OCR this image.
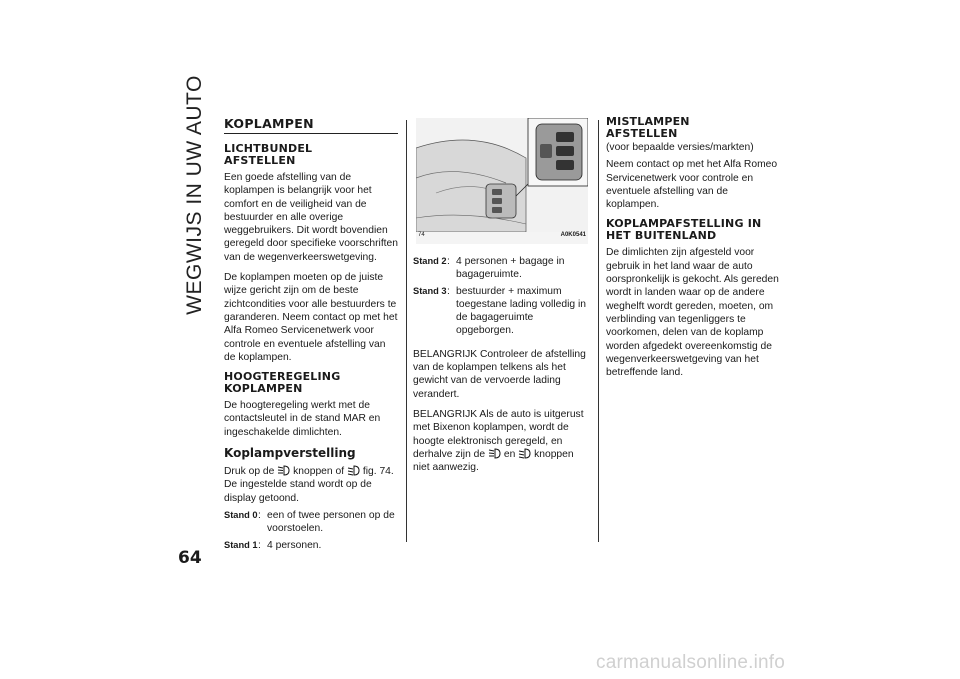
WEGWIJS IN UW AUTO KOPLAMPEN
LICHTBUNDEL AFSTELLEN

Een goede afstelling van de koplampen is belangrijk voor het comfort en de veiligheid van de bestuurder en alle overige weggebruikers. Dit wordt bovendien geregeld door specifieke voorschriften van de wegenverkeerswetgeving.

De koplampen moeten op de juiste wijze gericht zijn om de beste zichtcondities voor alle bestuurders te garanderen. Neem contact op met het Alfa Romeo Servicenetwerk voor controle en eventuele afstelling van de koplampen.

HOOGTEREGELING KOPLAMPEN

De hoogteregeling werkt met de contactsleutel in de stand MAR en ingeschakelde dimlichten.

Koplampverstelling

Druk op de knoppen of fig. 74. De ingestelde stand wordt op de display getoond.

Stand 0 : een of twee personen op de voorstoelen.
Stand 1 : 4 personen.
74	A0K0541
Stand 2 : 4 personen + bagage in bagageruimte.
Stand 3 : bestuurder + maximum toegestane lading volledig in de bagageruimte opgeborgen.

BELANGRIJK Controleer de afstelling van de koplampen telkens als het gewicht van de vervoerde lading verandert.

BELANGRIJK Als de auto is uitgerust met Bixenon koplampen, wordt de hoogte elektronisch geregeld, en derhalve zijn de en knoppen niet aanwezig.

MISTLAMPEN AFSTELLEN

(voor bepaalde versies/markten)

Neem contact op met het Alfa Romeo Servicenetwerk voor controle en eventuele afstelling van de koplampen.

KOPLAMPAFSTELLING IN HET BUITENLAND

De dimlichten zijn afgesteld voor gebruik in het land waar de auto oorspronkelijk is gekocht. Als gereden wordt in landen waar op de andere weghelft wordt gereden, moeten, om verblinding van tegenliggers te voorkomen, delen van de koplamp worden afgedekt overeenkomstig de wegenverkeerswetgeving van het betreffende land.

64
carmanualsonline.info
